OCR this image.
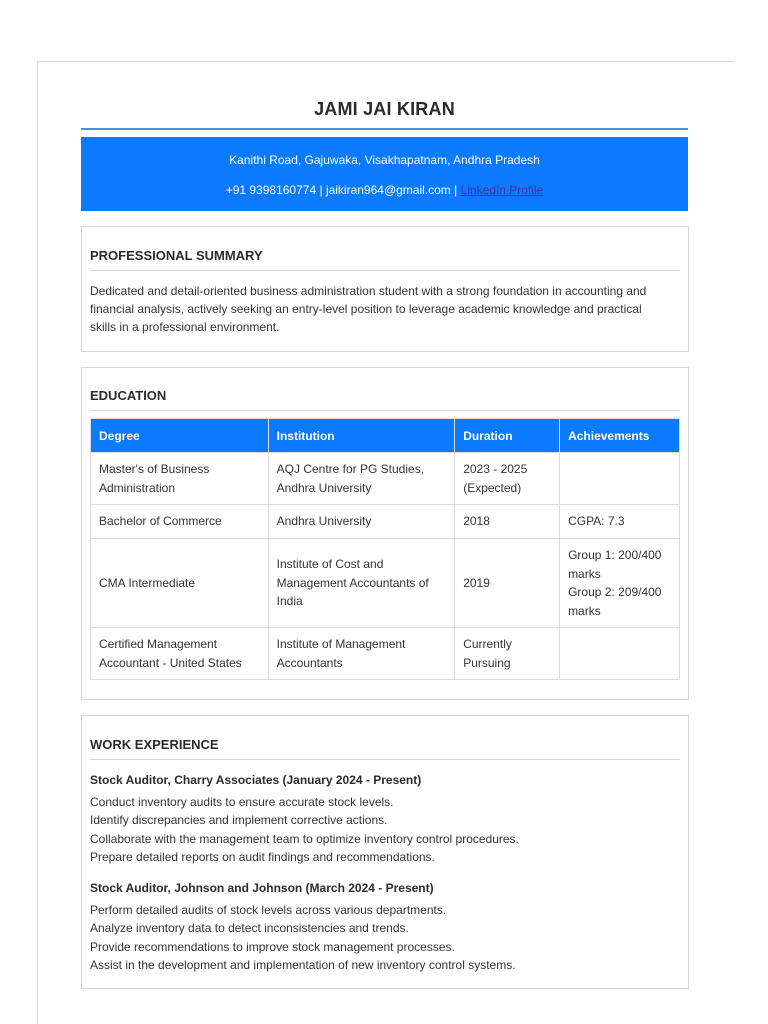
JAMI JAI KIRAN
Kanithi Road, Gajuwaka, Visakhapatnam, Andhra Pradesh
+91 9398160774 | jaikiran964@gmail.com | LinkedIn Profile
PROFESSIONAL SUMMARY
Dedicated and detail-oriented business administration student with a strong foundation in accounting and financial analysis, actively seeking an entry-level position to leverage academic knowledge and practical skills in a professional environment.
EDUCATION
Degree	Institution	Duration	Achievements
Master's of Business Administration	AQJ Centre for PG Studies, Andhra University	2023 - 2025 (Expected)	
Bachelor of Commerce	Andhra University	2018	CGPA: 7.3
CMA Intermediate	Institute of Cost and Management Accountants of India	2019	Group 1: 200/400 marks
Group 2: 209/400 marks

Certified Management Accountant - United States	Institute of Management Accountants	Currently Pursuing	
WORK EXPERIENCE
Stock Auditor, Charry Associates (January 2024 - Present)
Conduct inventory audits to ensure accurate stock levels.
Identify discrepancies and implement corrective actions.
Collaborate with the management team to optimize inventory control procedures.
Prepare detailed reports on audit findings and recommendations.
Stock Auditor, Johnson and Johnson (March 2024 - Present)
Perform detailed audits of stock levels across various departments.
Analyze inventory data to detect inconsistencies and trends.
Provide recommendations to improve stock management processes.
Assist in the development and implementation of new inventory control systems.
